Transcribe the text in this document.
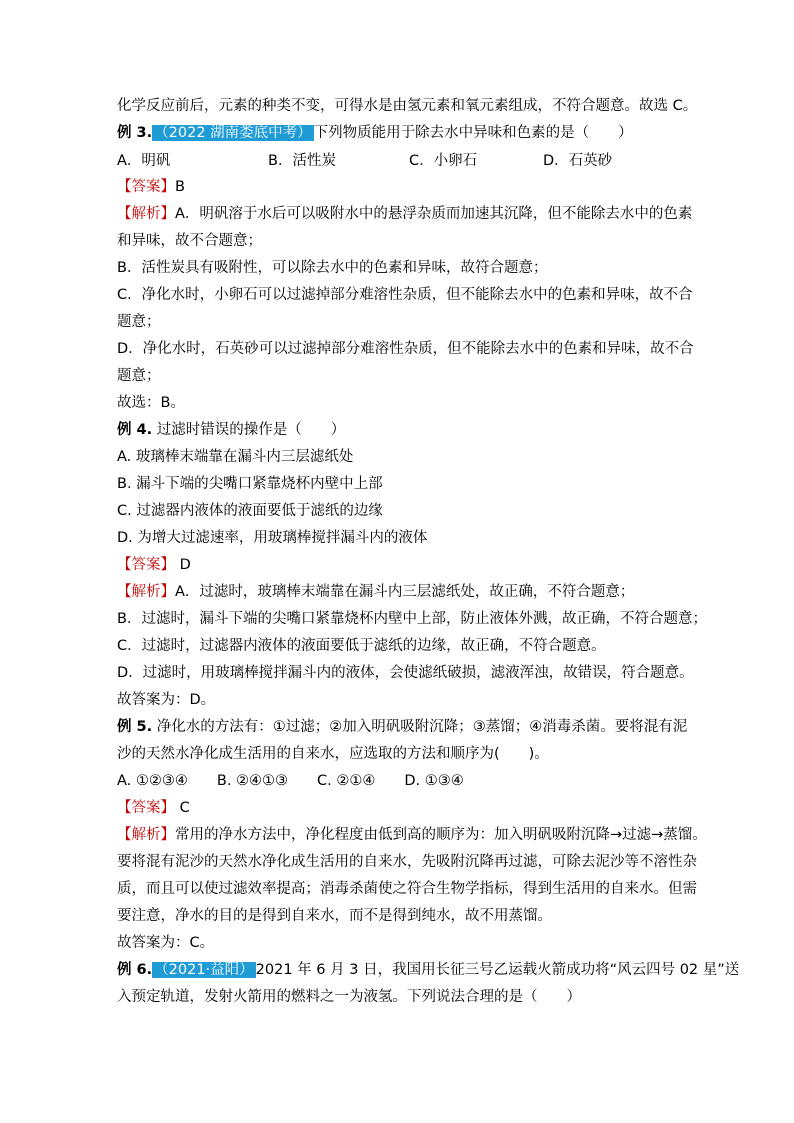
化学反应前后，元素的种类不变，可得水是由氢元素和氧元素组成，不符合题意。故选 C。
例 3. （2022 湖南娄底中考） 下列物质能用于除去水中异味和色素的是（　　）
A．明矾	B．活性炭	C．小卵石	D．石英砂
【答案】B
【解析】A．明矾溶于水后可以吸附水中的悬浮杂质而加速其沉降，但不能除去水中的色素
和异味，故不合题意；
B．活性炭具有吸附性，可以除去水中的色素和异味，故符合题意；
C．净化水时，小卵石可以过滤掉部分难溶性杂质，但不能除去水中的色素和异味，故不合
题意；
D．净化水时，石英砂可以过滤掉部分难溶性杂质，但不能除去水中的色素和异味，故不合
题意；
故选：B。
例 4. 过滤时错误的操作是（　　）
A. 玻璃棒末端靠在漏斗内三层滤纸处
B. 漏斗下端的尖嘴口紧靠烧杯内壁中上部
C. 过滤器内液体的液面要低于滤纸的边缘
D. 为增大过滤速率，用玻璃棒搅拌漏斗内的液体
【答案】 D
【解析】A．过滤时，玻璃棒末端靠在漏斗内三层滤纸处，故正确，不符合题意；
B．过滤时，漏斗下端的尖嘴口紧靠烧杯内壁中上部，防止液体外溅，故正确，不符合题意；
C．过滤时，过滤器内液体的液面要低于滤纸的边缘，故正确，不符合题意。
D．过滤时，用玻璃棒搅拌漏斗内的液体，会使滤纸破损，滤液浑浊，故错误，符合题意。
故答案为：D。
例 5. 净化水的方法有：①过滤；②加入明矾吸附沉降；③蒸馏；④消毒杀菌。要将混有泥
沙的天然水净化成生活用的自来水，应选取的方法和顺序为(　　)。
A. ①②③④　　B. ②④①③　　C. ②①④　　D. ①③④
【答案】 C
【解析】常用的净水方法中，净化程度由低到高的顺序为：加入明矾吸附沉降→过滤→蒸馏。
要将混有泥沙的天然水净化成生活用的自来水，先吸附沉降再过滤，可除去泥沙等不溶性杂
质，而且可以使过滤效率提高；消毒杀菌使之符合生物学指标，得到生活用的自来水。但需
要注意，净水的目的是得到自来水，而不是得到纯水，故不用蒸馏。
故答案为：C。
例 6. （2021·益阳） 2021 年 6 月 3 日，我国用长征三号乙运载火箭成功将“风云四号 02 星”送
入预定轨道，发射火箭用的燃料之一为液氢。下列说法合理的是（　　）
